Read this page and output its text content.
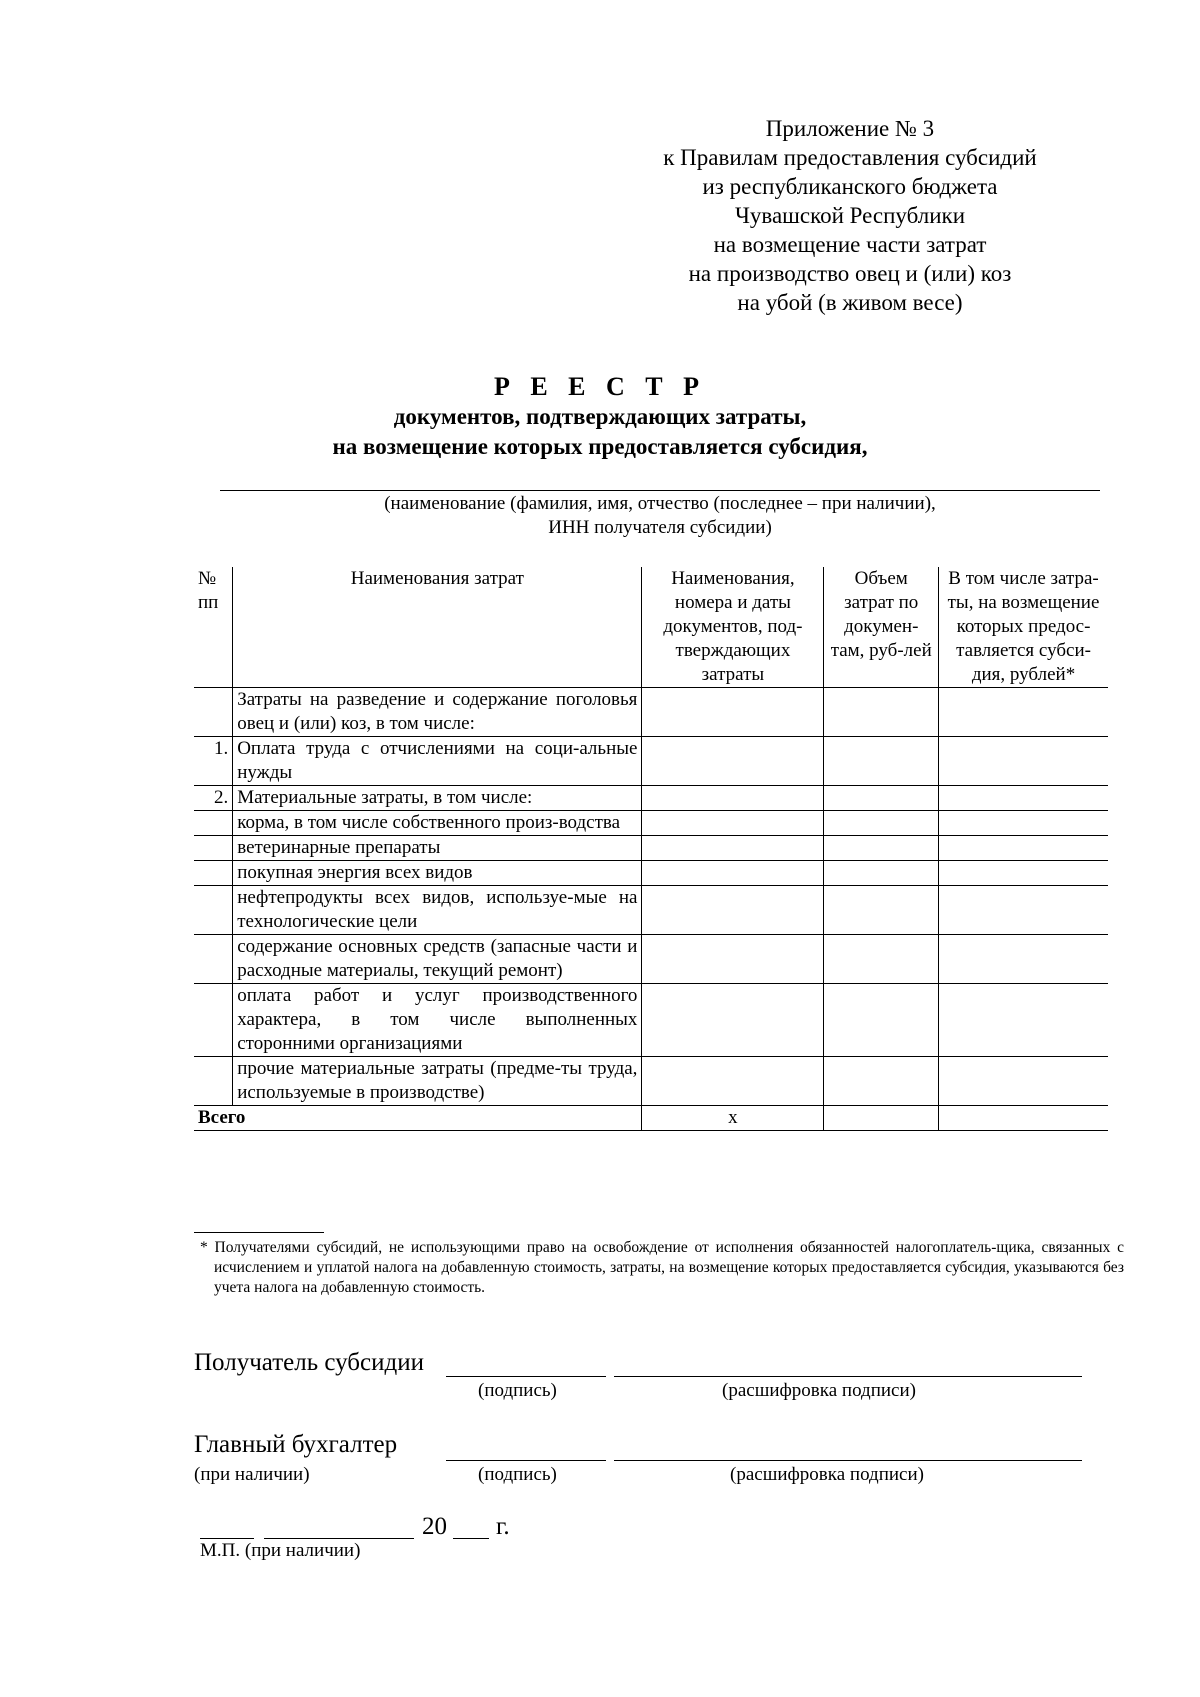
Приложение № 3
к Правилам предоставления субсидий
из республиканского бюджета
Чувашской Республики
на возмещение части затрат
на производство овец и (или) коз
на убой (в живом весе)
Р Е Е С Т Р
документов, подтверждающих затраты,
на возмещение которых предоставляется субсидия,
(наименование (фамилия, имя, отчество (последнее – при наличии),
ИНН получателя субсидии)
№ пп	Наименования затрат	Наименования, номера и даты документов, под-тверждающих затраты	Объем затрат по докумен-там, руб-лей	В том числе затра-ты, на возмещение которых предос-тавляется субси-дия, рублей*
	Затраты на разведение и содержание поголовья овец и (или) коз, в том числе:			
1.	Оплата труда с отчислениями на соци-альные нужды			
2.	Материальные затраты, в том числе:			
	корма, в том числе собственного произ-водства			
	ветеринарные препараты			
	покупная энергия всех видов			
	нефтепродукты всех видов, используе-мые на технологические цели			
	содержание основных средств (запасные части и расходные материалы, текущий ремонт)			
	оплата работ и услуг производственного характера, в том числе выполненных сторонними организациями			
	прочие материальные затраты (предме-ты труда, используемые в производстве)			
Всего		х		
* Получателями субсидий, не использующими право на освобождение от исполнения обязанностей налогоплатель-щика, связанных с исчислением и уплатой налога на добавленную стоимость, затраты, на возмещение которых предоставляется субсидия, указываются без учета налога на добавленную стоимость.
Получатель субсидии
(подпись)	(расшифровка подписи)
Главный бухгалтер
(при наличии)	(подпись)	(расшифровка подписи)
20 г.
М.П. (при наличии)
